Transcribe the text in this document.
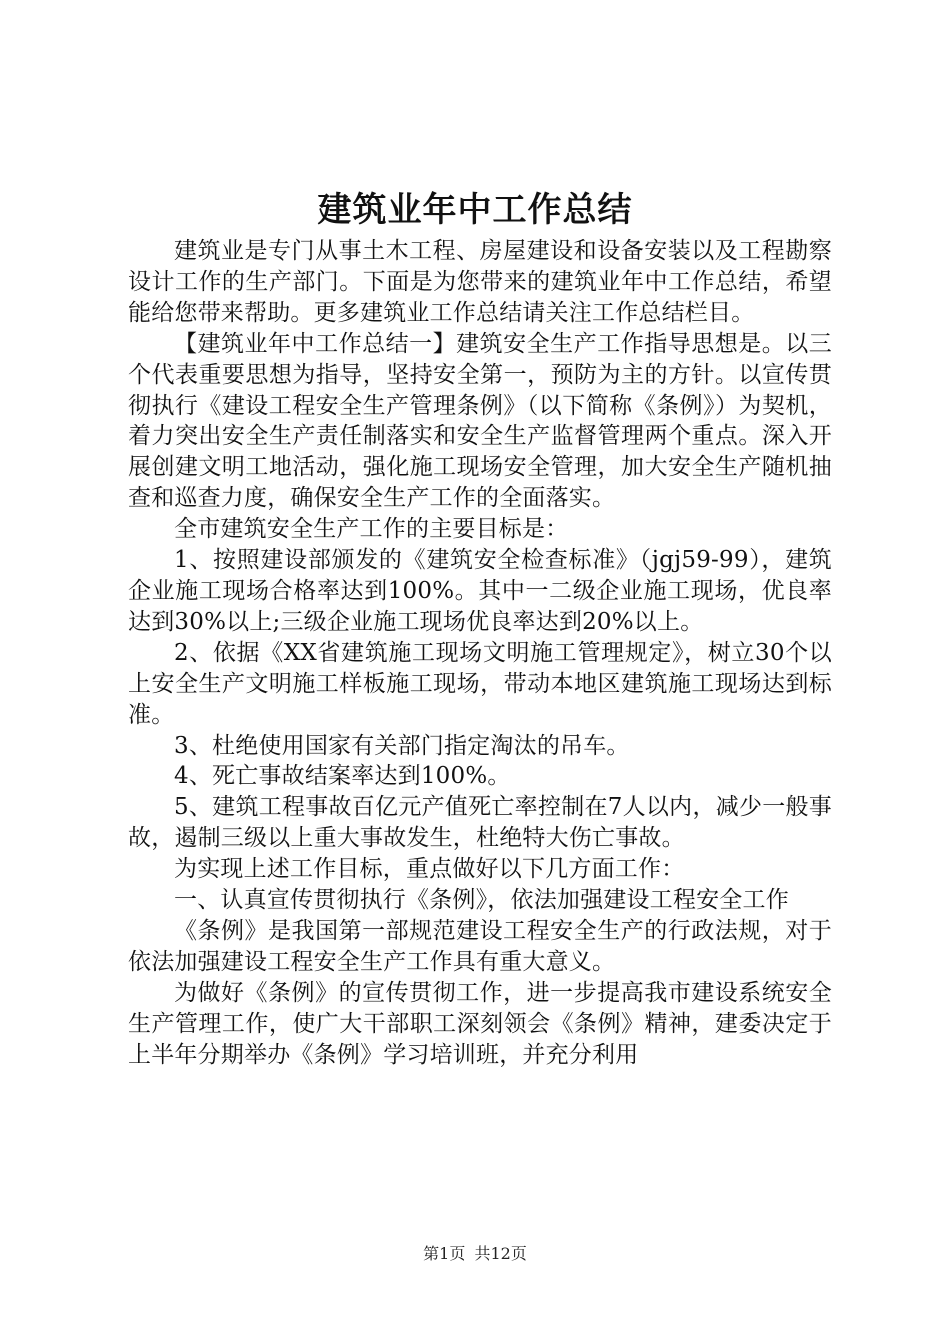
建筑业年中工作总结

建筑业是专门从事土木工程、房屋建设和设备安装以及工程勘察设计工作的生产部门。下面是为您带来的建筑业年中工作总结，希望能给您带来帮助。更多建筑业工作总结请关注工作总结栏目。

【建筑业年中工作总结一】建筑安全生产工作指导思想是。以三个代表重要思想为指导，坚持安全第一，预防为主的方针。以宣传贯彻执行《建设工程安全生产管理条例》（以下简称《条例》）为契机，着力突出安全生产责任制落实和安全生产监督管理两个重点。深入开展创建文明工地活动，强化施工现场安全管理，加大安全生产随机抽查和巡查力度，确保安全生产工作的全面落实。

全市建筑安全生产工作的主要目标是：

1、按照建设部颁发的《建筑安全检查标准》（jgj59-99），建筑企业施工现场合格率达到100%。其中一二级企业施工现场，优良率达到30%以上;三级企业施工现场优良率达到20%以上。

2、依据《XX省建筑施工现场文明施工管理规定》，树立30个以上安全生产文明施工样板施工现场，带动本地区建筑施工现场达到标准。

3、杜绝使用国家有关部门指定淘汰的吊车。

4、死亡事故结案率达到100%。

5、建筑工程事故百亿元产值死亡率控制在7人以内，减少一般事故，遏制三级以上重大事故发生，杜绝特大伤亡事故。

为实现上述工作目标，重点做好以下几方面工作：

一、认真宣传贯彻执行《条例》，依法加强建设工程安全工作

《条例》是我国第一部规范建设工程安全生产的行政法规，对于依法加强建设工程安全生产工作具有重大意义。

为做好《条例》的宣传贯彻工作，进一步提高我市建设系统安全生产管理工作，使广大干部职工深刻领会《条例》精神，建委决定于上半年分期举办《条例》学习培训班，并充分利用

第1页 共12页
